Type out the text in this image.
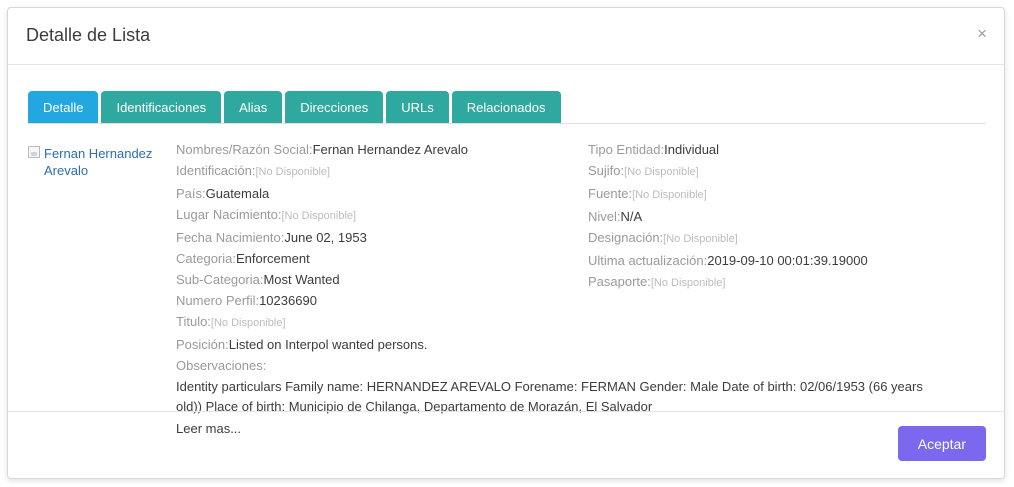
Detalle de Lista	×
Detalle	Identificaciones	Alias	Direcciones	URLs	Relacionados
Fernan Hernandez Arevalo
Nombres/Razón Social:Fernan Hernandez Arevalo
Identificación:[No Disponible]
País:Guatemala
Lugar Nacimiento:[No Disponible]
Fecha Nacimiento:June 02, 1953
Categoria:Enforcement
Sub-Categoria:Most Wanted
Numero Perfil:10236690
Titulo:[No Disponible]
Posición:Listed on Interpol wanted persons.
Tipo Entidad:Individual
Sujifo:[No Disponible]
Fuente:[No Disponible]
Nivel:N/A
Designación:[No Disponible]
Ultima actualización:2019-09-10 00:01:39.19000
Pasaporte:[No Disponible]
Observaciones:
Identity particulars Family name: HERNANDEZ AREVALO Forename: FERMAN Gender: Male Date of birth: 02/06/1953 (66 years old)) Place of birth: Municipio de Chilanga, Departamento de Morazán, El Salvador
Leer mas...
Aceptar
